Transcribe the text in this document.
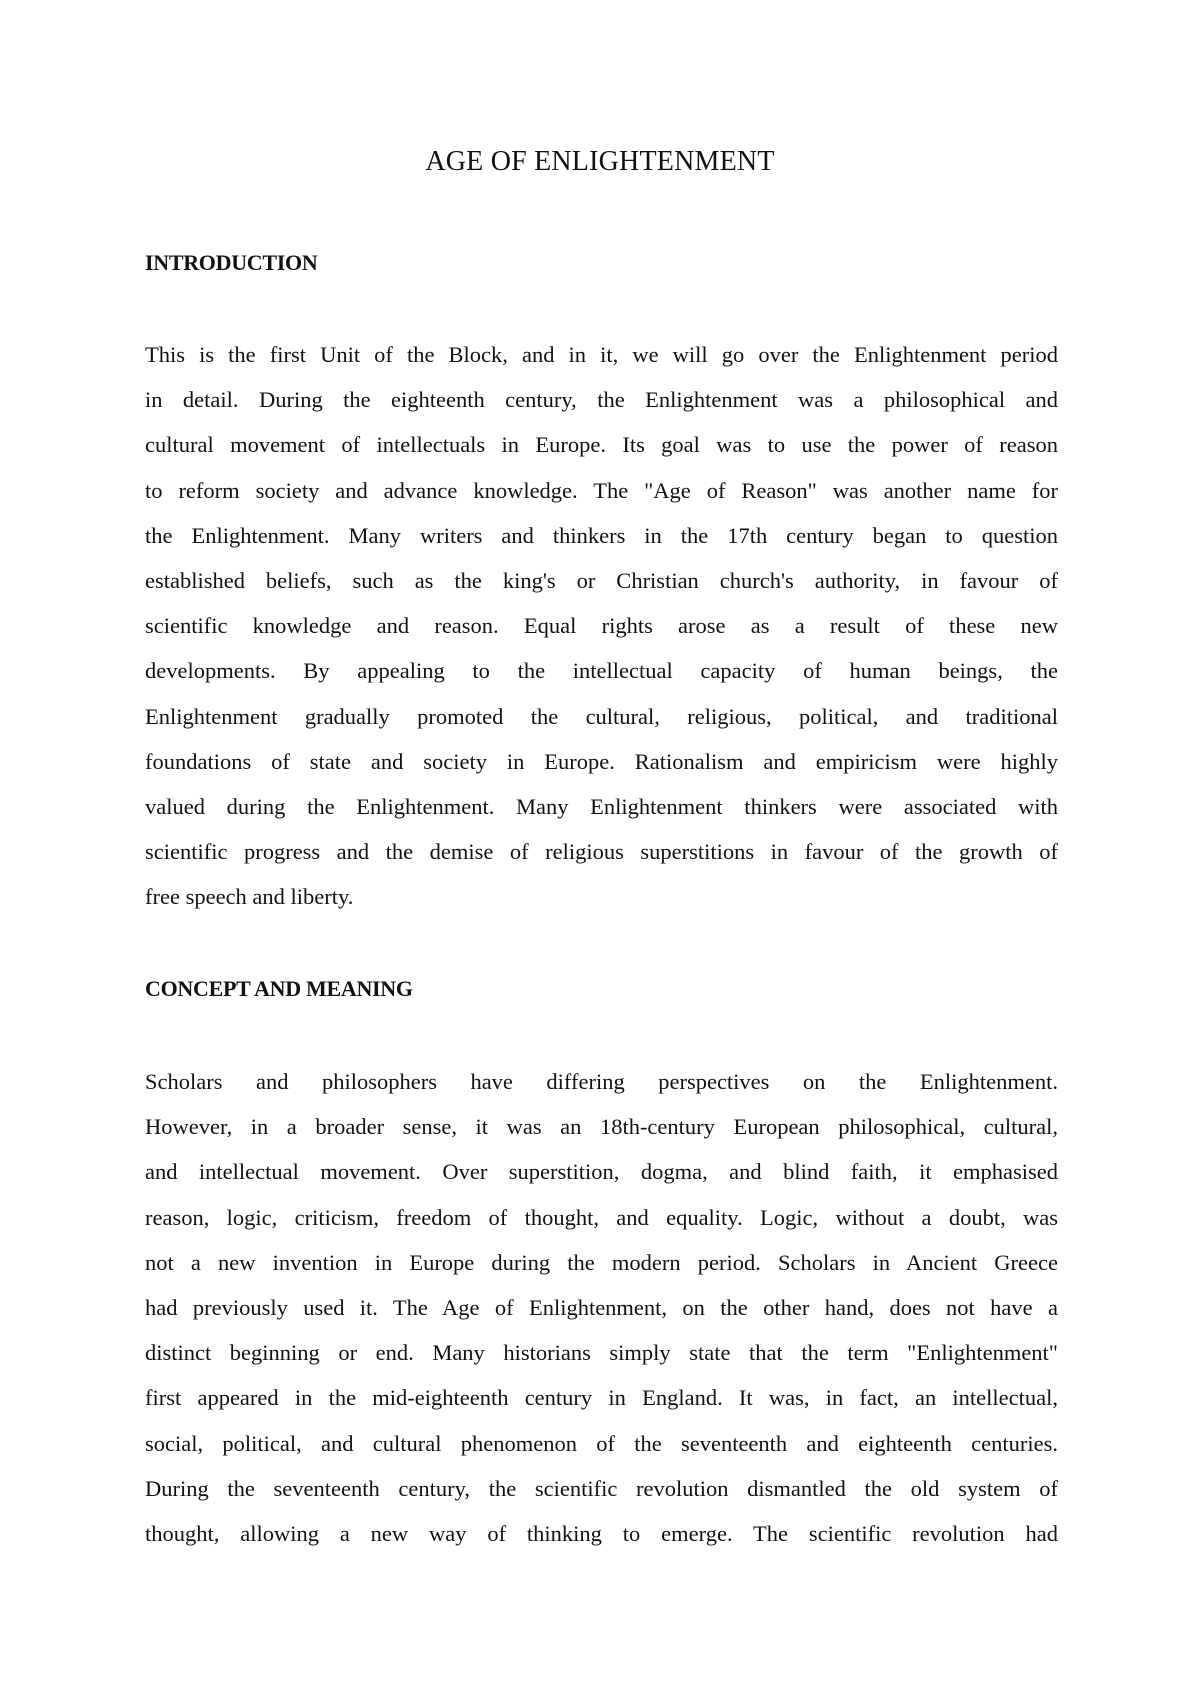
AGE OF ENLIGHTENMENT
INTRODUCTION

This is the first Unit of the Block, and in it, we will go over the Enlightenment period
in detail. During the eighteenth century, the Enlightenment was a philosophical and
cultural movement of intellectuals in Europe. Its goal was to use the power of reason
to reform society and advance knowledge. The "Age of Reason" was another name for
the Enlightenment. Many writers and thinkers in the 17th century began to question
established beliefs, such as the king's or Christian church's authority, in favour of
scientific knowledge and reason. Equal rights arose as a result of these new
developments. By appealing to the intellectual capacity of human beings, the
Enlightenment gradually promoted the cultural, religious, political, and traditional
foundations of state and society in Europe. Rationalism and empiricism were highly
valued during the Enlightenment. Many Enlightenment thinkers were associated with
scientific progress and the demise of religious superstitions in favour of the growth of
free speech and liberty.

CONCEPT AND MEANING

Scholars and philosophers have differing perspectives on the Enlightenment.
However, in a broader sense, it was an 18th-century European philosophical, cultural,
and intellectual movement. Over superstition, dogma, and blind faith, it emphasised
reason, logic, criticism, freedom of thought, and equality. Logic, without a doubt, was
not a new invention in Europe during the modern period. Scholars in Ancient Greece
had previously used it. The Age of Enlightenment, on the other hand, does not have a
distinct beginning or end. Many historians simply state that the term "Enlightenment"
first appeared in the mid-eighteenth century in England. It was, in fact, an intellectual,
social, political, and cultural phenomenon of the seventeenth and eighteenth centuries.
During the seventeenth century, the scientific revolution dismantled the old system of
thought, allowing a new way of thinking to emerge. The scientific revolution had
